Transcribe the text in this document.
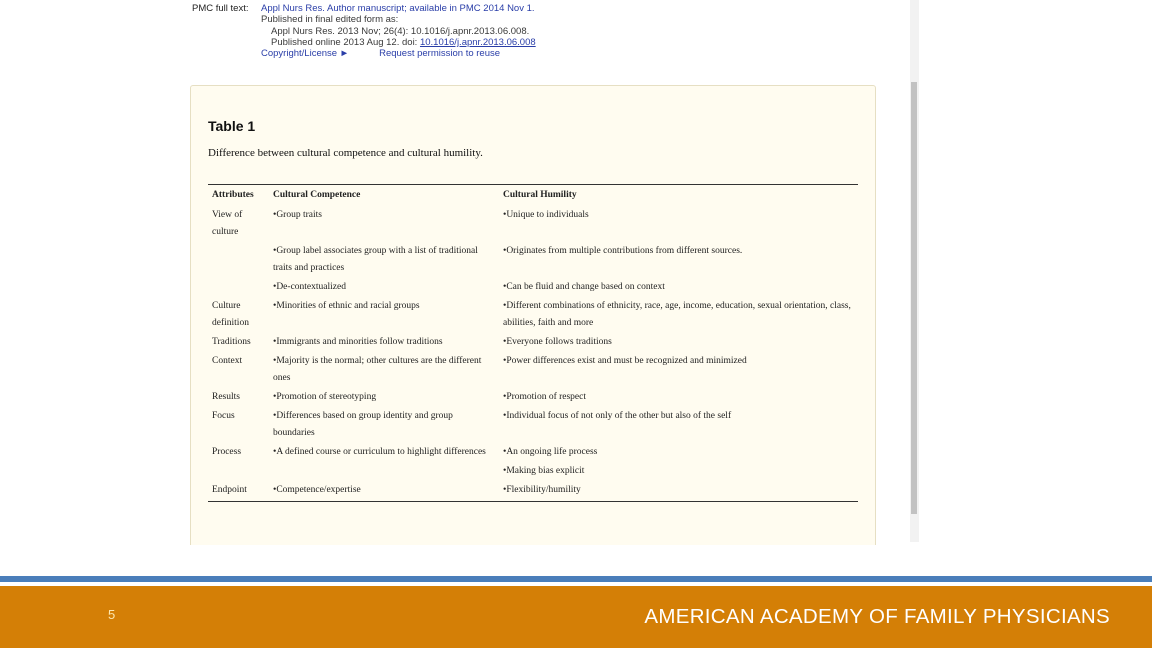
PMC full text:	Appl Nurs Res. Author manuscript; available in PMC 2014 Nov 1.
Published in final edited form as:
Appl Nurs Res. 2013 Nov; 26(4): 10.1016/j.apnr.2013.06.008.
Published online 2013 Aug 12. doi: 10.1016/j.apnr.2013.06.008
Copyright/License ►	Request permission to reuse
Table 1
Difference between cultural competence and cultural humility.
Attributes	Cultural Competence	Cultural Humility
View of culture	•Group traits	•Unique to individuals
	•Group label associates group with a list of traditional traits and practices	•Originates from multiple contributions from different sources.
	•De-contextualized	•Can be fluid and change based on context
Culture definition	•Minorities of ethnic and racial groups	•Different combinations of ethnicity, race, age, income, education, sexual orientation, class, abilities, faith and more
Traditions	•Immigrants and minorities follow traditions	•Everyone follows traditions
Context	•Majority is the normal; other cultures are the different ones	•Power differences exist and must be recognized and minimized
Results	•Promotion of stereotyping	•Promotion of respect
Focus	•Differences based on group identity and group boundaries	•Individual focus of not only of the other but also of the self
Process	•A defined course or curriculum to highlight differences	•An ongoing life process
		•Making bias explicit
Endpoint	•Competence/expertise	•Flexibility/humility
5	AMERICAN ACADEMY OF FAMILY PHYSICIANS
